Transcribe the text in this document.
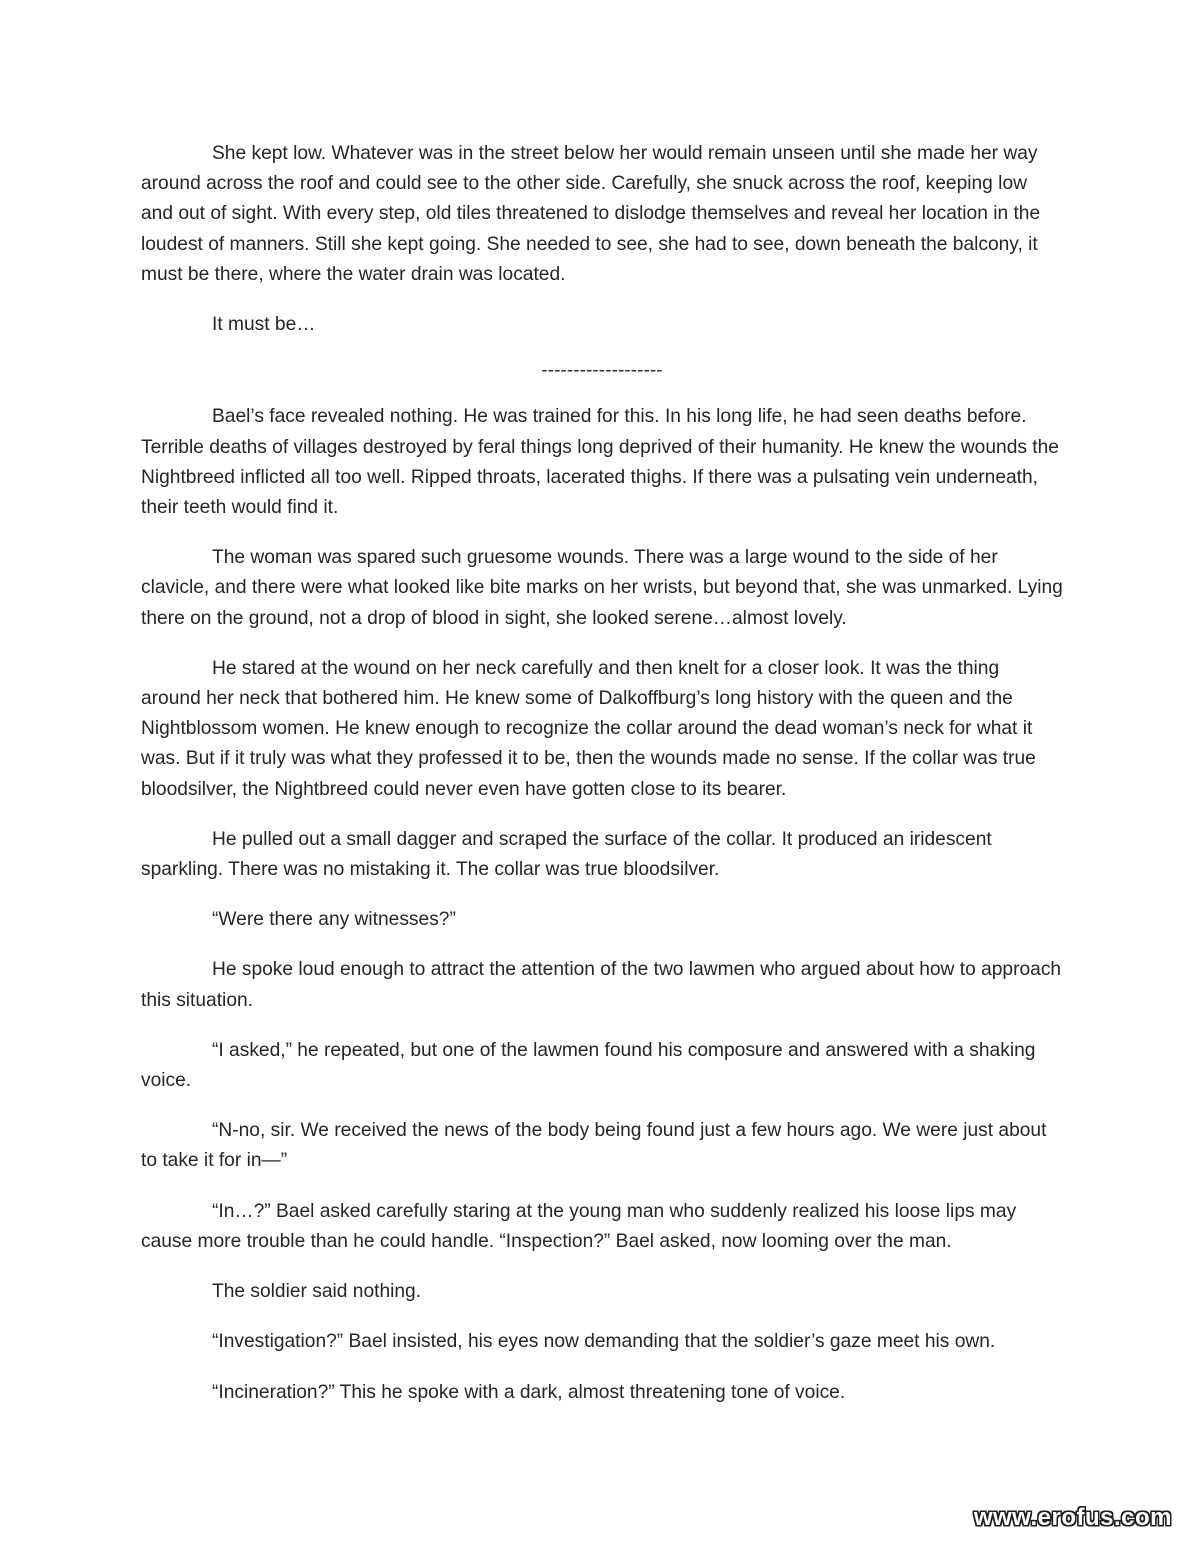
She kept low. Whatever was in the street below her would remain unseen until she made her way around across the roof and could see to the other side. Carefully, she snuck across the roof, keeping low and out of sight. With every step, old tiles threatened to dislodge themselves and reveal her location in the loudest of manners. Still she kept going. She needed to see, she had to see, down beneath the balcony, it must be there, where the water drain was located.

It must be…

-------------------

Bael’s face revealed nothing. He was trained for this. In his long life, he had seen deaths before. Terrible deaths of villages destroyed by feral things long deprived of their humanity. He knew the wounds the Nightbreed inflicted all too well. Ripped throats, lacerated thighs. If there was a pulsating vein underneath, their teeth would find it.

The woman was spared such gruesome wounds. There was a large wound to the side of her clavicle, and there were what looked like bite marks on her wrists, but beyond that, she was unmarked. Lying there on the ground, not a drop of blood in sight, she looked serene…almost lovely.

He stared at the wound on her neck carefully and then knelt for a closer look. It was the thing around her neck that bothered him. He knew some of Dalkoffburg’s long history with the queen and the Nightblossom women. He knew enough to recognize the collar around the dead woman’s neck for what it was. But if it truly was what they professed it to be, then the wounds made no sense. If the collar was true bloodsilver, the Nightbreed could never even have gotten close to its bearer.

He pulled out a small dagger and scraped the surface of the collar. It produced an iridescent sparkling. There was no mistaking it. The collar was true bloodsilver.

“Were there any witnesses?”

He spoke loud enough to attract the attention of the two lawmen who argued about how to approach this situation.

“I asked,” he repeated, but one of the lawmen found his composure and answered with a shaking voice.

“N-no, sir. We received the news of the body being found just a few hours ago. We were just about to take it for in—”

“In…?” Bael asked carefully staring at the young man who suddenly realized his loose lips may cause more trouble than he could handle. “Inspection?” Bael asked, now looming over the man.

The soldier said nothing.

“Investigation?” Bael insisted, his eyes now demanding that the soldier’s gaze meet his own.

“Incineration?” This he spoke with a dark, almost threatening tone of voice.

www.erofus.com
